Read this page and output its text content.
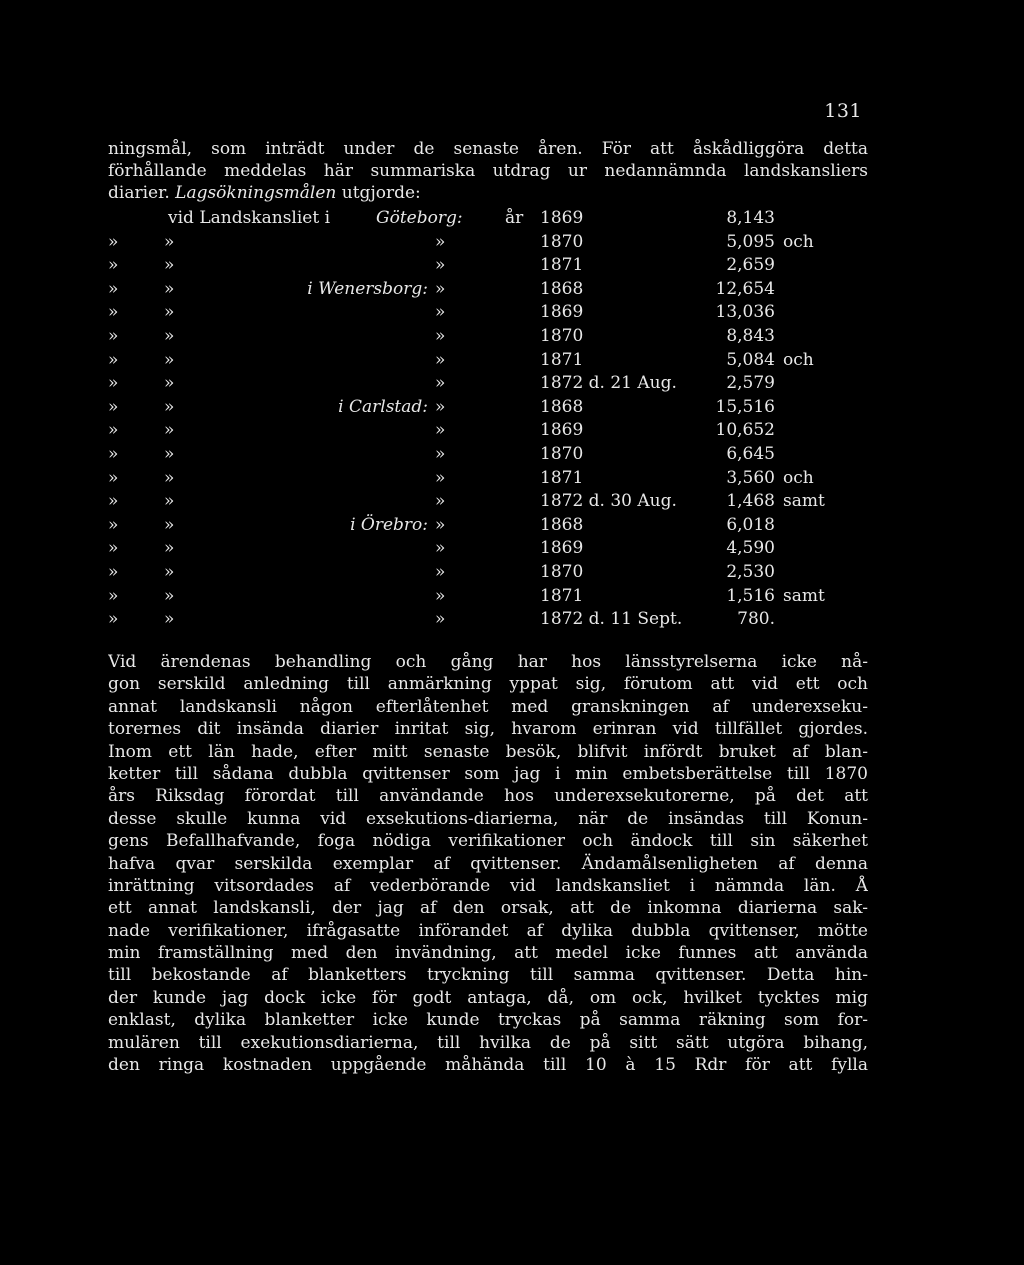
131
ningsmål, som inträdt under de senaste åren. För att åskådliggöra detta
förhållande meddelas här summariska utdrag ur nedannämnda landskansliers
diarier. Lagsökningsmålen utgjorde:
vid Landskansliet i	Göteborg: år 1869	8,143
»	»	»	1870	5,095 och
»	»	»	1871	2,659
»	»	i Wenersborg: »	1868	12,654
»	»	»	1869	13,036
»	»	»	1870	8,843
»	»	»	1871	5,084 och
»	»	»	1872 d. 21 Aug.	2,579
»	»	i Carlstad: »	1868	15,516
»	»	»	1869	10,652
»	»	»	1870	6,645
»	»	»	1871	3,560 och
»	»	»	1872 d. 30 Aug.	1,468 samt
»	»	i Örebro: »	1868	6,018
»	»	»	1869	4,590
»	»	»	1870	2,530
»	»	»	1871	1,516 samt
»	»	»	1872 d. 11 Sept.	780.
Vid ärendenas behandling och gång har hos länsstyrelserna icke nå-
gon serskild anledning till anmärkning yppat sig, förutom att vid ett och
annat landskansli någon efterlåtenhet med granskningen af underexseku-
torernes dit insända diarier inritat sig, hvarom erinran vid tillfället gjordes.
Inom ett län hade, efter mitt senaste besök, blifvit infördt bruket af blan-
ketter till sådana dubbla qvittenser som jag i min embetsberättelse till 1870
års Riksdag förordat till användande hos underexsekutorerne, på det att
desse skulle kunna vid exsekutions-diarierna, när de insändas till Konun-
gens Befallhafvande, foga nödiga verifikationer och ändock till sin säkerhet
hafva qvar serskilda exemplar af qvittenser. Ändamålsenligheten af denna
inrättning vitsordades af vederbörande vid landskansliet i nämnda län. Å
ett annat landskansli, der jag af den orsak, att de inkomna diarierna sak-
nade verifikationer, ifrågasatte införandet af dylika dubbla qvittenser, mötte
min framställning med den invändning, att medel icke funnes att använda
till bekostande af blanketters tryckning till samma qvittenser. Detta hin-
der kunde jag dock icke för godt antaga, då, om ock, hvilket tycktes mig
enklast, dylika blanketter icke kunde tryckas på samma räkning som for-
mulären till exekutionsdiarierna, till hvilka de på sitt sätt utgöra bihang,
den ringa kostnaden uppgående måhända till 10 à 15 Rdr för att fylla
